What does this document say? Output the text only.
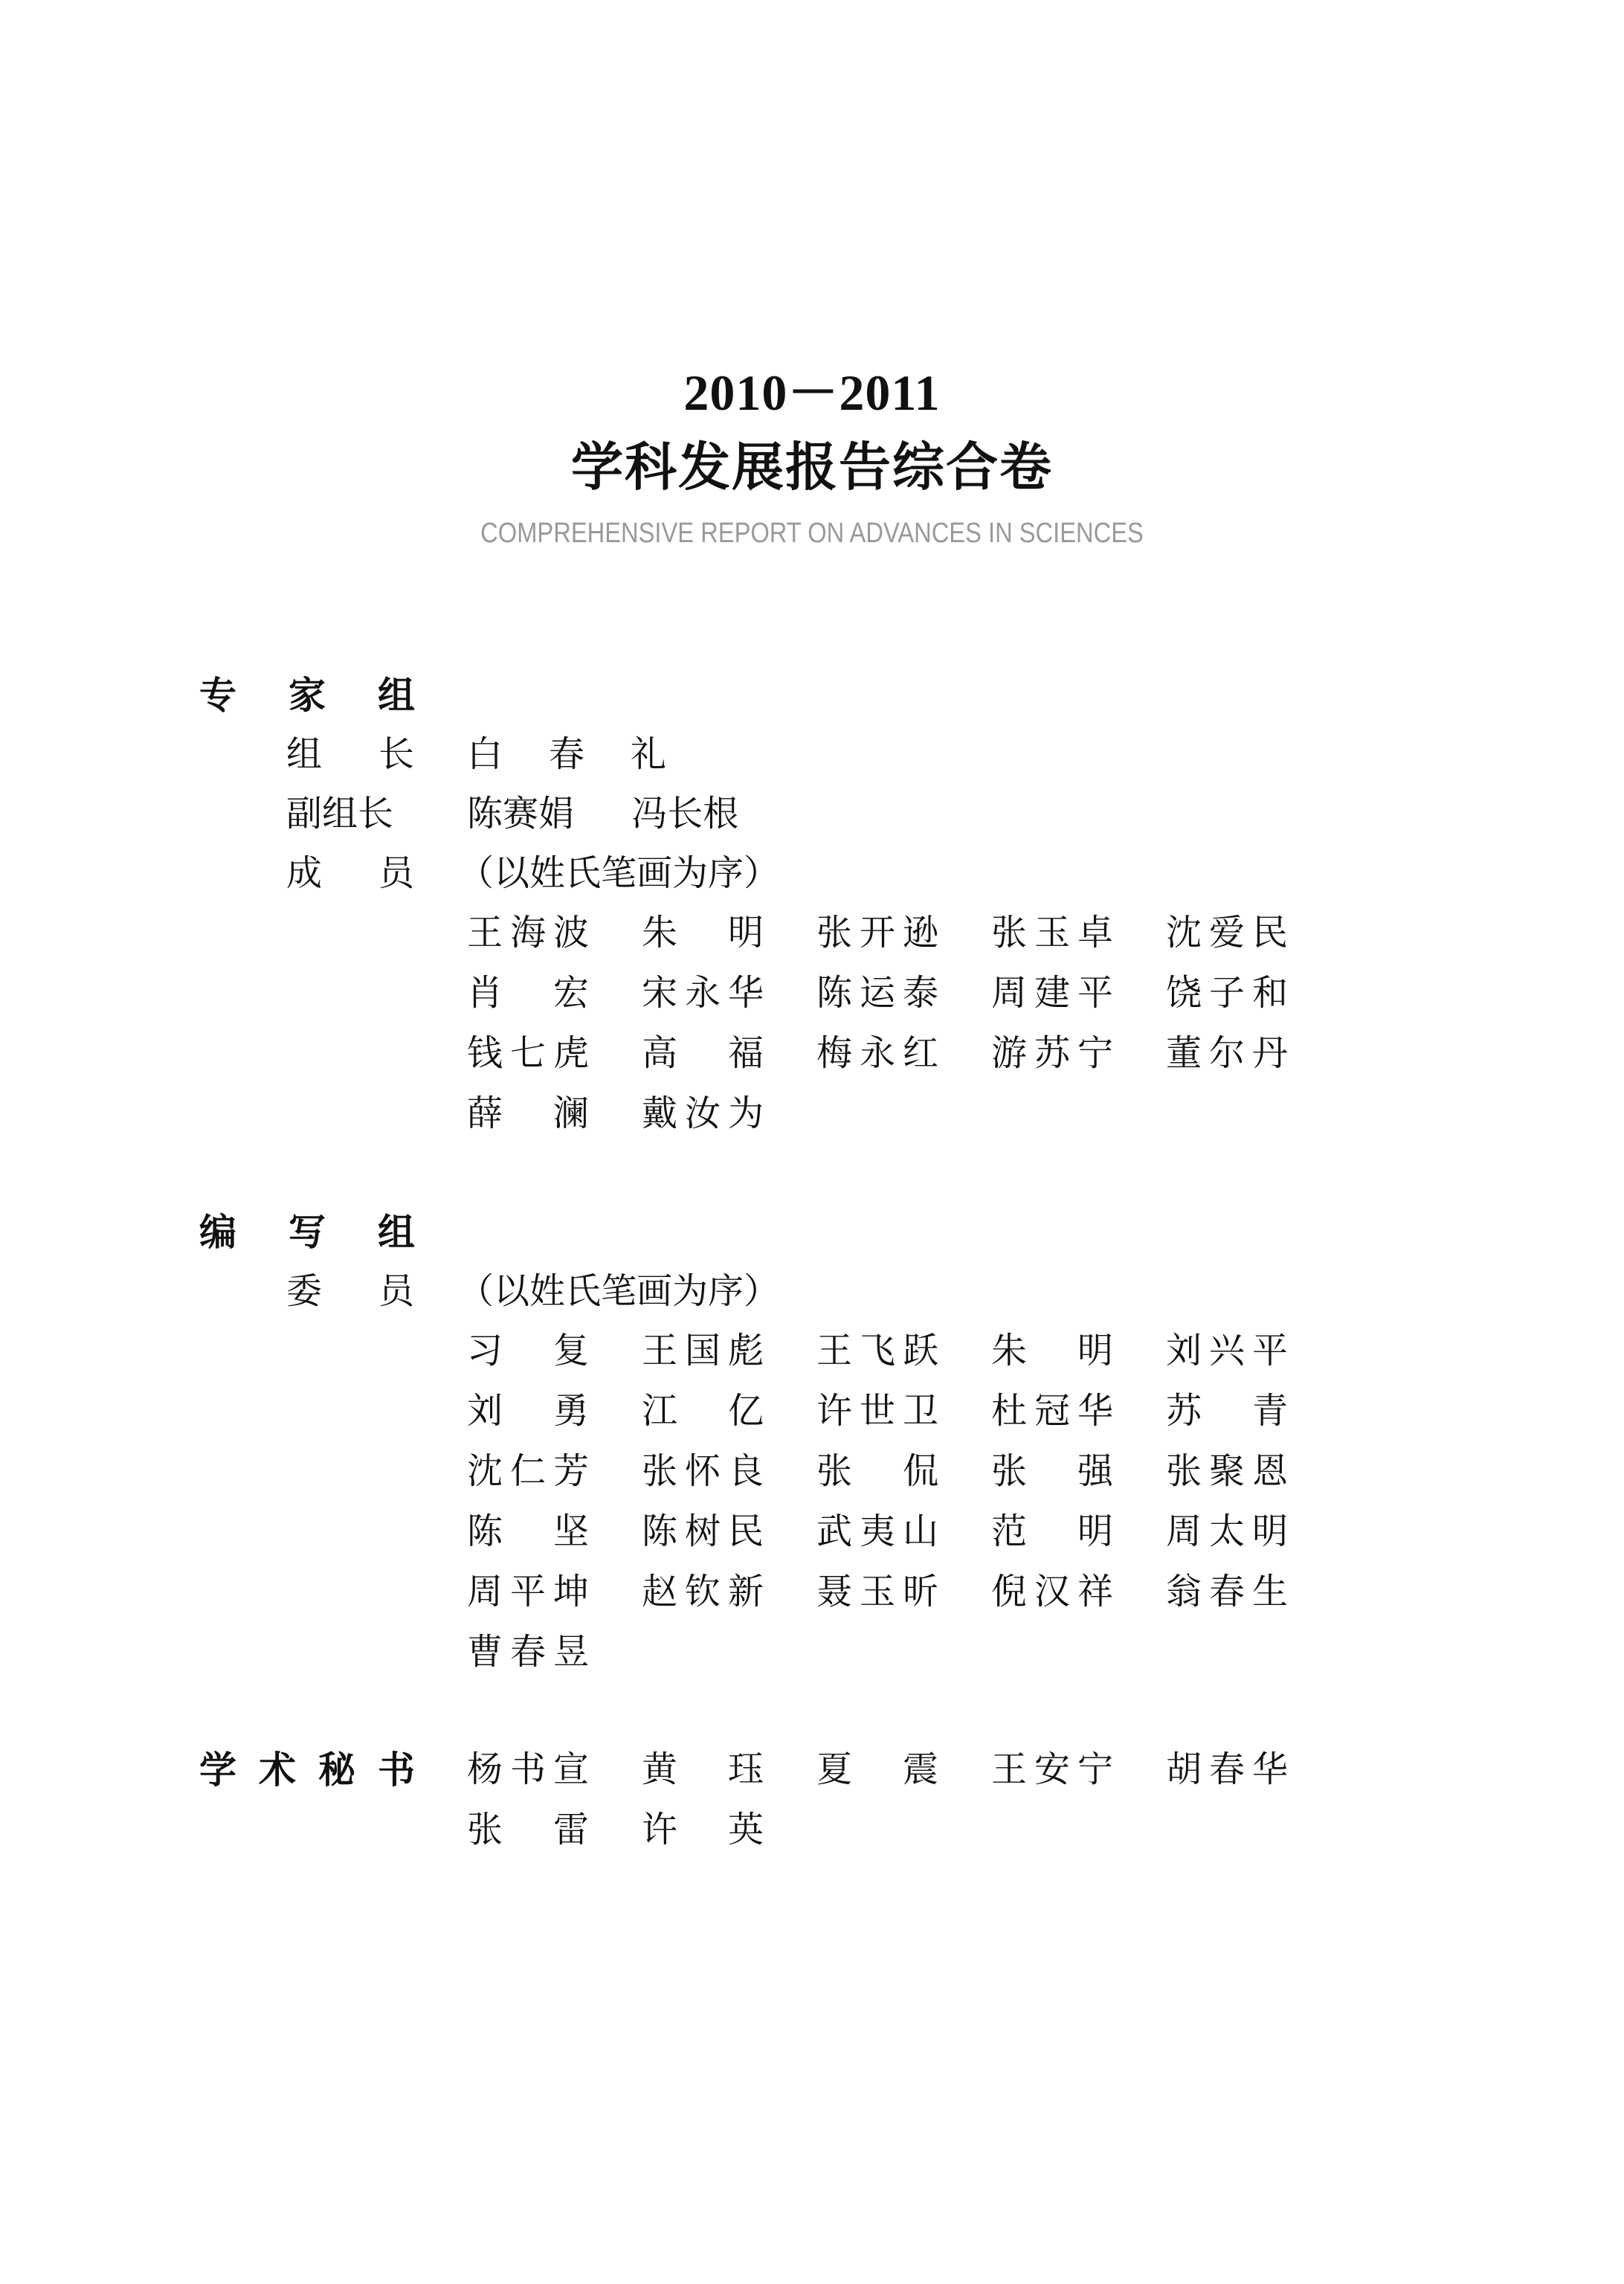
2010－2011
学科发展报告综合卷
COMPREHENSIVE REPORT ON ADVANCES IN SCIENCES
专 家 组
组 长 白 春 礼
副组长	陈赛娟 冯长根
成 员 （以姓氏笔画为序）
王 海 波 朱 明 张 开 逊 张 玉 卓 沈 爱 民
肖 宏 宋 永 华 陈 运 泰 周 建 平 饶 子 和
钱 七 虎 高 福 梅 永 红 游 苏 宁 董 尔 丹
薛 澜 戴 汝 为
编 写 组
委 员 （以姓氏笔画为序）
习 复 王 国 彪 王 飞 跃 朱 明 刘 兴 平
刘 勇 江 亿 许 世 卫 杜 冠 华 苏 青
沈 仁 芳 张 怀 良 张 侃 张 强 张 聚 恩
陈 坚 陈 树 民 武 夷 山 范 明 周 太 明
周 平 坤 赵 钦 新 聂 玉 昕 倪 汉 祥 翁 春 生
曹 春 昱
学 术 秘 书 杨 书 宣 黄 珏 夏 震 王 安 宁 胡 春 华
张 雷 许 英
